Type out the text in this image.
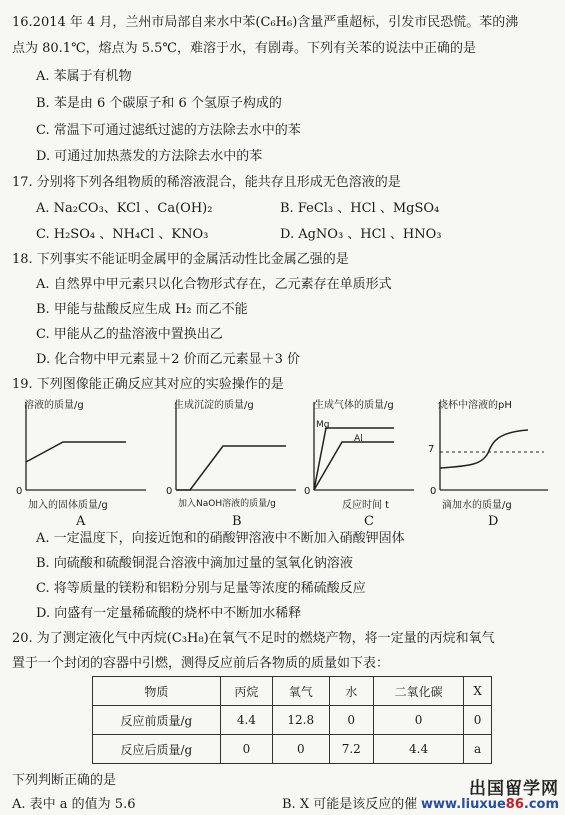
16.2014 年 4 月，兰州市局部自来水中苯(C₆H₆)含量严重超标，引发市民恐慌。苯的沸
点为 80.1℃，熔点为 5.5℃，难溶于水，有剧毒。下列有关苯的说法中正确的是
A. 苯属于有机物
B. 苯是由 6 个碳原子和 6 个氢原子构成的
C. 常温下可通过滤纸过滤的方法除去水中的苯
D. 可通过加热蒸发的方法除去水中的苯
17. 分别将下列各组物质的稀溶液混合，能共存且形成无色溶液的是
A. Na₂CO₃、KCl 、Ca(OH)₂	B. FeCl₃ 、HCl 、MgSO₄
C. H₂SO₄ 、NH₄Cl 、KNO₃	D. AgNO₃ 、HCl 、HNO₃
18. 下列事实不能证明金属甲的金属活动性比金属乙强的是
A. 自然界中甲元素只以化合物形式存在，乙元素存在单质形式
B. 甲能与盐酸反应生成 H₂ 而乙不能
C. 甲能从乙的盐溶液中置换出乙
D. 化合物中甲元素显＋2 价而乙元素显＋3 价
19. 下列图像能正确反应其对应的实验操作的是
溶液的质量/g
0
加入的固体质量/g
A
生成沉淀的质量/g
0
加入NaOH溶液的质量/g
B
生成气体的质量/g
Mg
Al
0
反应时间 t
C
烧杯中溶液的pH
7
0
滴加水的质量/g
D
A. 一定温度下，向接近饱和的硝酸钾溶液中不断加入硝酸钾固体
B. 向硫酸和硫酸铜混合溶液中滴加过量的氢氧化钠溶液
C. 将等质量的镁粉和铝粉分别与足量等浓度的稀硫酸反应
D. 向盛有一定量稀硫酸的烧杯中不断加水稀释
20. 为了测定液化气中丙烷(C₃H₈)在氧气不足时的燃烧产物，将一定量的丙烷和氧气
置于一个封闭的容器中引燃，测得反应前后各物质的质量如下表：
物质	丙烷	氧气	水	二氧化碳	X
反应前质量/g	4.4	12.8	0	0	0
反应后质量/g	0	0	7.2	4.4	a
下列判断正确的是
A. 表中 a 的值为 5.6	B. X 可能是该反应的催
出国留学网
www.liuxue86.com
